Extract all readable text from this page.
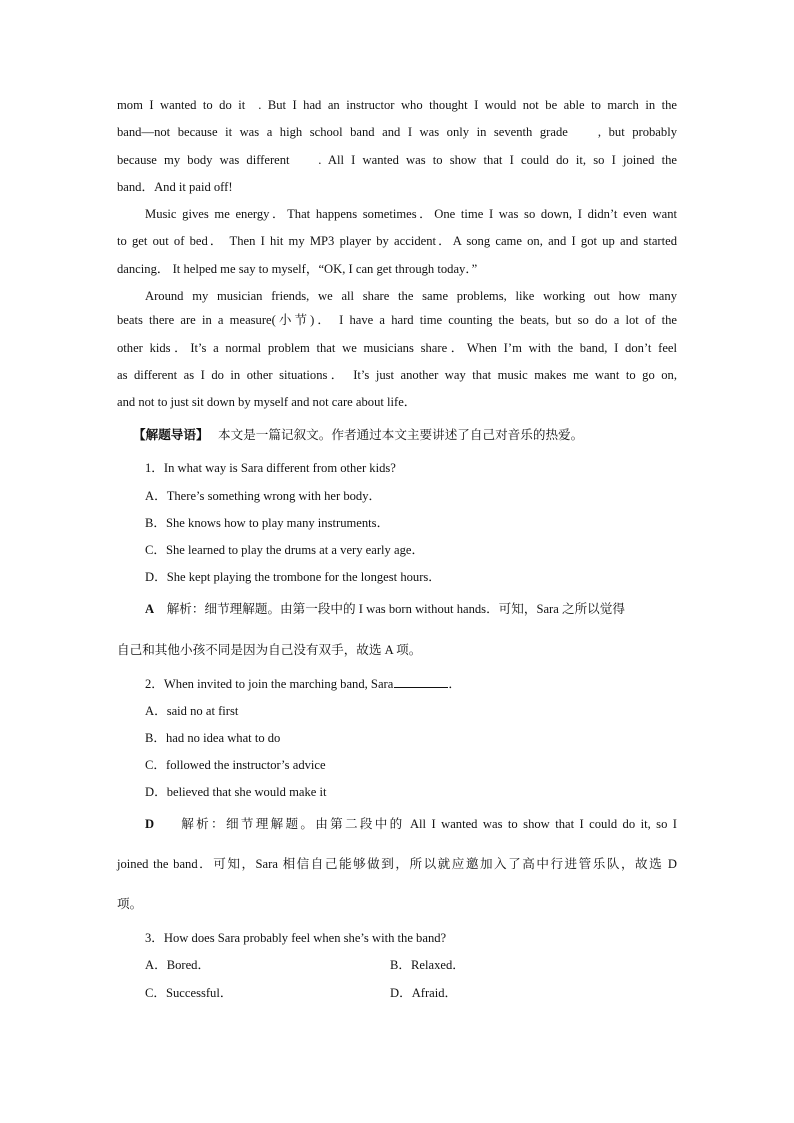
mom I wanted to do it  . But I had an instructor who thought I would not be able to march in the
band—not because it was a high school band and I was only in seventh grade    , but probably
because my body was different    . All I wanted was to show that I could do it, so I joined the
band．And it paid off!
Music gives me energy．That happens sometimes．One time I was so down, I didn’t even want
to get out of bed． Then I hit my MP3 player by accident．A song came on, and I got up and started
dancing． It helped me say to myself，“OK, I can get through today．”
Around my musician friends, we all share the same problems, like working out how many
beats there are in a measure(小节)． I have a hard time counting the beats, but so do a lot of the
other kids．It’s a normal problem that we musicians share．When I’m with the band, I don’t feel
as different as I do in other situations． It’s just another way that music makes me want to go on,
and not to just sit down by myself and not care about life．
【解题导语】 本文是一篇记叙文。作者通过本文主要讲述了自己对音乐的热爱。
1．In what way is Sara different from other kids?
A．There’s something wrong with her body．
B．She knows how to play many instruments．
C．She learned to play the drums at a very early age．
D．She kept playing the trombone for the longest hours．
A 解析：细节理解题。由第一段中的 I was born without hands．可知，Sara 之所以觉得
自己和其他小孩不同是因为自己没有双手，故选 A 项。
2．When invited to join the marching band, Sara	．
A．said no at first
B．had no idea what to do
C．followed the instructor’s advice
D．believed that she would make it
D 解析：细节理解题。由第二段中的 All I wanted was to show that I could do it, so I
joined the band．可知，Sara 相信自己能够做到，所以就应邀加入了高中行进管乐队，故选 D
项。
3．How does Sara probably feel when she’s with the band?
A．Bored．	B．Relaxed．
C．Successful．	D．Afraid．
